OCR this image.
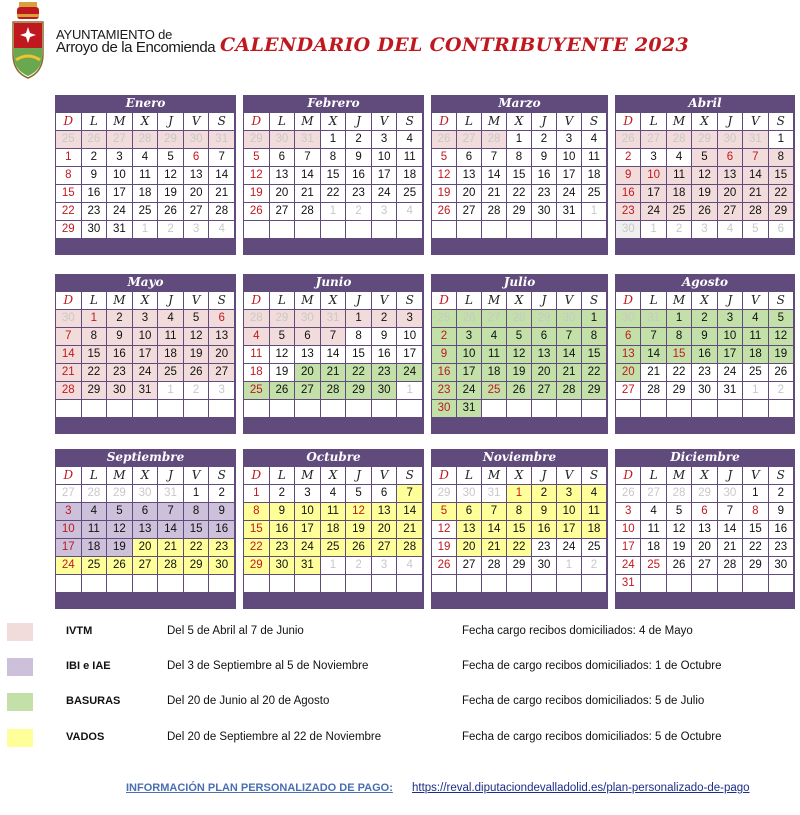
AYUNTAMIENTO de
Arroyo de la Encomienda CALENDARIO DEL CONTRIBUYENTE 2023
Enero
D	L	M	X	J	V	S
25	26	27	28	29	30	31
1	2	3	4	5	6	7
8	9	10	11	12	13	14
15	16	17	18	19	20	21
22	23	24	25	26	27	28
29	30	31	1	2	3	4
Febrero
D	L	M	X	J	V	S
29	30	31	1	2	3	4
5	6	7	8	9	10	11
12	13	14	15	16	17	18
19	20	21	22	23	24	25
26	27	28	1	2	3	4
Marzo
D	L	M	X	J	V	S
26	27	28	1	2	3	4
5	6	7	8	9	10	11
12	13	14	15	16	17	18
19	20	21	22	23	24	25
26	27	28	29	30	31	1
Abril
D	L	M	X	J	V	S
26	27	28	29	30	31	1
2	3	4	5	6	7	8
9	10	11	12	13	14	15
16	17	18	19	20	21	22
23	24	25	26	27	28	29
30	1	2	3	4	5	6
Mayo
D	L	M	X	J	V	S
30	1	2	3	4	5	6
7	8	9	10	11	12	13
14	15	16	17	18	19	20
21	22	23	24	25	26	27
28	29	30	31	1	2	3
Junio
D	L	M	X	J	V	S
28	29	30	31	1	2	3
4	5	6	7	8	9	10
11	12	13	14	15	16	17
18	19	20	21	22	23	24
25	26	27	28	29	30	1
Julio
D	L	M	X	J	V	S
25	26	27	28	29	30	1
2	3	4	5	6	7	8
9	10	11	12	13	14	15
16	17	18	19	20	21	22
23	24	25	26	27	28	29
30	31
Agosto
D	L	M	X	J	V	S
30	31	1	2	3	4	5
6	7	8	9	10	11	12
13	14	15	16	17	18	19
20	21	22	23	24	25	26
27	28	29	30	31	1	2
Septiembre
D	L	M	X	J	V	S
27	28	29	30	31	1	2
3	4	5	6	7	8	9
10	11	12	13	14	15	16
17	18	19	20	21	22	23
24	25	26	27	28	29	30
Octubre
D	L	M	X	J	V	S
1	2	3	4	5	6	7
8	9	10	11	12	13	14
15	16	17	18	19	20	21
22	23	24	25	26	27	28
29	30	31	1	2	3	4
Noviembre
D	L	M	X	J	V	S
29	30	31	1	2	3	4
5	6	7	8	9	10	11
12	13	14	15	16	17	18
19	20	21	22	23	24	25
26	27	28	29	30	1	2
Diciembre
D	L	M	X	J	V	S
26	27	28	29	30	1	2
3	4	5	6	7	8	9
10	11	12	13	14	15	16
17	18	19	20	21	22	23
24	25	26	27	28	29	30
31
IVTM	Del 5 de Abril al 7 de Junio	Fecha cargo recibos domiciliados: 4 de Mayo
IBI e IAE	Del 3 de Septiembre al 5 de Noviembre	Fecha de cargo recibos domiciliados: 1 de Octubre
BASURAS	Del 20 de Junio al 20 de Agosto	Fecha de cargo recibos domiciliados: 5 de Julio
VADOS	Del 20 de Septiembre al 22 de Noviembre	Fecha de cargo recibos domiciliados: 5 de Octubre
INFORMACIÓN PLAN PERSONALIZADO DE PAGO: https://reval.diputaciondevalladolid.es/plan-personalizado-de-pago
